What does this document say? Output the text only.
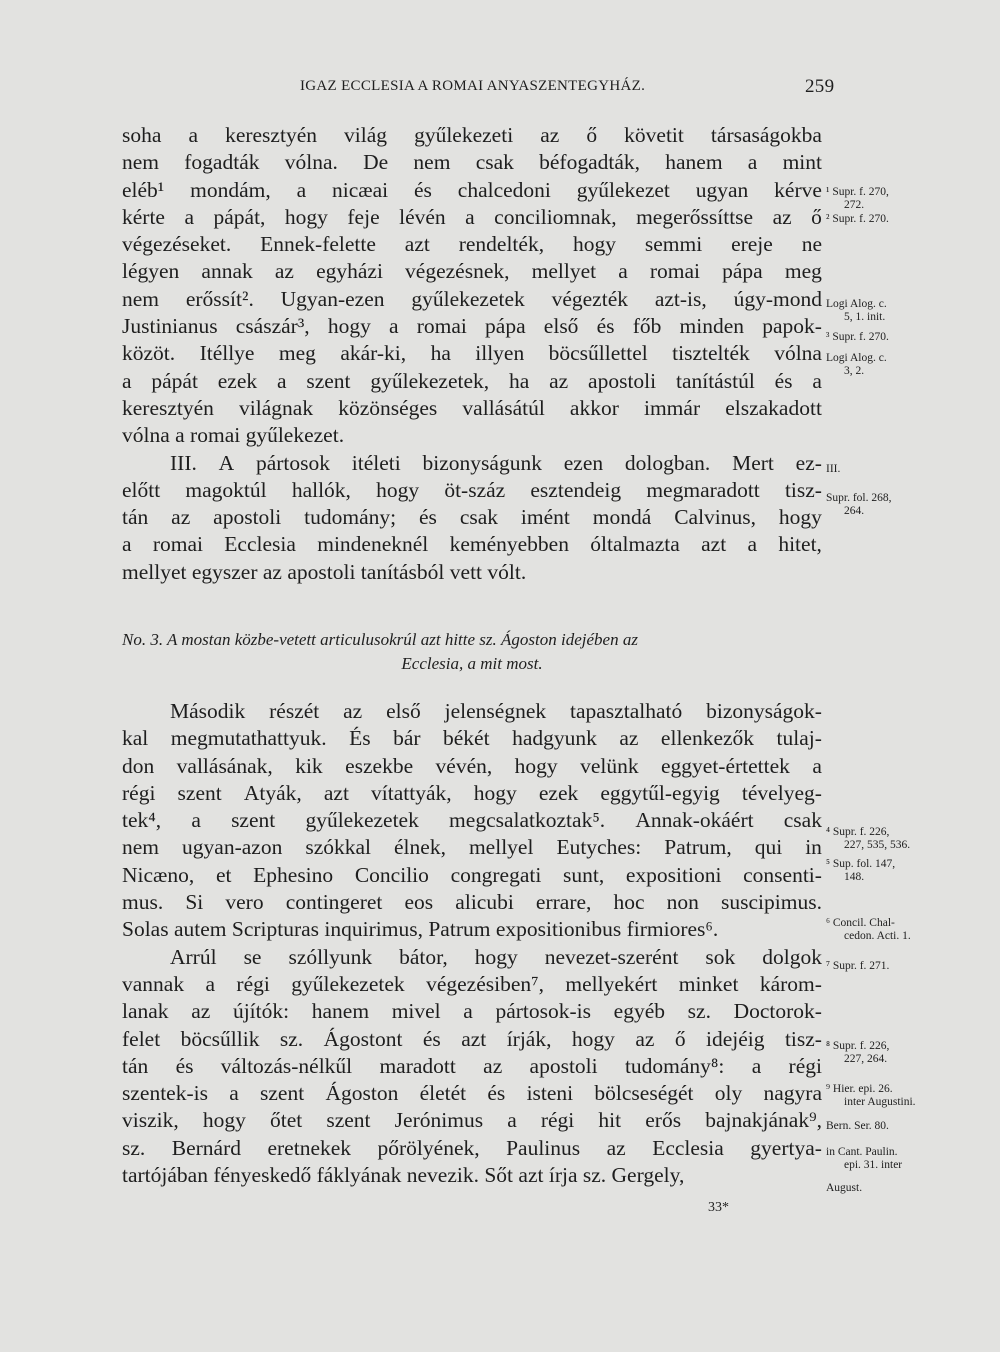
IGAZ ECCLESIA A ROMAI ANYASZENTEGYHÁZ.	259
soha a keresztyén világ gyűlekezeti az ő követit társaságokba
nem fogadták vólna. De nem csak béfogadták, hanem a mint
eléb¹ mondám, a nicæai és chalcedoni gyűlekezet ugyan kérve
kérte a pápát, hogy feje lévén a conciliomnak, megerőssíttse az ő
végezéseket. Ennek-felette azt rendelték, hogy semmi ereje ne
légyen annak az egyházi végezésnek, mellyet a romai pápa meg
nem erőssít². Ugyan-ezen gyűlekezetek végezték azt-is, úgy-mond
Justinianus császár³, hogy a romai pápa első és főb minden papok-
közöt. Itéllye meg akár-ki, ha illyen böcsűllettel tisztelték vólna
a pápát ezek a szent gyűlekezetek, ha az apostoli tanítástúl és a
keresztyén világnak közönséges vallásátúl akkor immár elszakadott
vólna a romai gyűlekezet.
III. A pártosok itéleti bizonyságunk ezen dologban. Mert ez-
előtt magoktúl hallók, hogy öt-száz esztendeig megmaradott tisz-
tán az apostoli tudomány; és csak imént mondá Calvinus, hogy
a romai Ecclesia mindeneknél keményebben óltalmazta azt a hitet,
mellyet egyszer az apostoli tanításból vett vólt.
No. 3. A mostan közbe-vetett articulusokrúl azt hitte sz. Ágoston idejében az
Ecclesia, a mit most.
Második részét az első jelenségnek tapasztalható bizonyságok-
kal megmutathattyuk. És bár békét hadgyunk az ellenkezők tulaj-
don vallásának, kik eszekbe vévén, hogy velünk eggyet-értettek a
régi szent Atyák, azt vítattyák, hogy ezek eggytűl-egyig tévelyeg-
tek⁴, a szent gyűlekezetek megcsalatkoztak⁵. Annak-okáért csak
nem ugyan-azon szókkal élnek, mellyel Eutyches: Patrum, qui in
Nicæno, et Ephesino Concilio congregati sunt, expositioni consenti-
mus. Si vero contingeret eos alicubi errare, hoc non suscipimus.
Solas autem Scripturas inquirimus, Patrum expositionibus firmiores⁶.
Arrúl se szóllyunk bátor, hogy nevezet-szerént sok dolgok
vannak a régi gyűlekezetek végezésiben⁷, mellyekért minket károm-
lanak az újítók: hanem mivel a pártosok-is egyéb sz. Doctorok-
felet böcsűllik sz. Ágostont és azt írják, hogy az ő idejéig tisz-
tán és változás-nélkűl maradott az apostoli tudomány⁸: a régi
szentek-is a szent Ágoston életét és isteni bölcseségét oly nagyra
viszik, hogy őtet szent Jerónimus a régi hit erős bajnakjának⁹,
sz. Bernárd eretnekek pőrölyének, Paulinus az Ecclesia gyertya-
tartójában fényeskedő fáklyának nevezik. Sőt azt írja sz. Gergely,
¹ Supr. f. 270,
272.
² Supr. f. 270.
Logi Alog. c.
5, 1. init.
³ Supr. f. 270.
Logi Alog. c.
3, 2.
III.
Supr. fol. 268,
264.
⁴ Supr. f. 226,
227, 535, 536.
⁵ Sup. fol. 147,
148.
⁶ Concil. Chal-
cedon. Acti. 1.
⁷ Supr. f. 271.
⁸ Supr. f. 226,
227, 264.
⁹ Hier. epi. 26.
inter Augustini.
Bern. Ser. 80.
in Cant. Paulin.
epi. 31. inter
August.
33*
